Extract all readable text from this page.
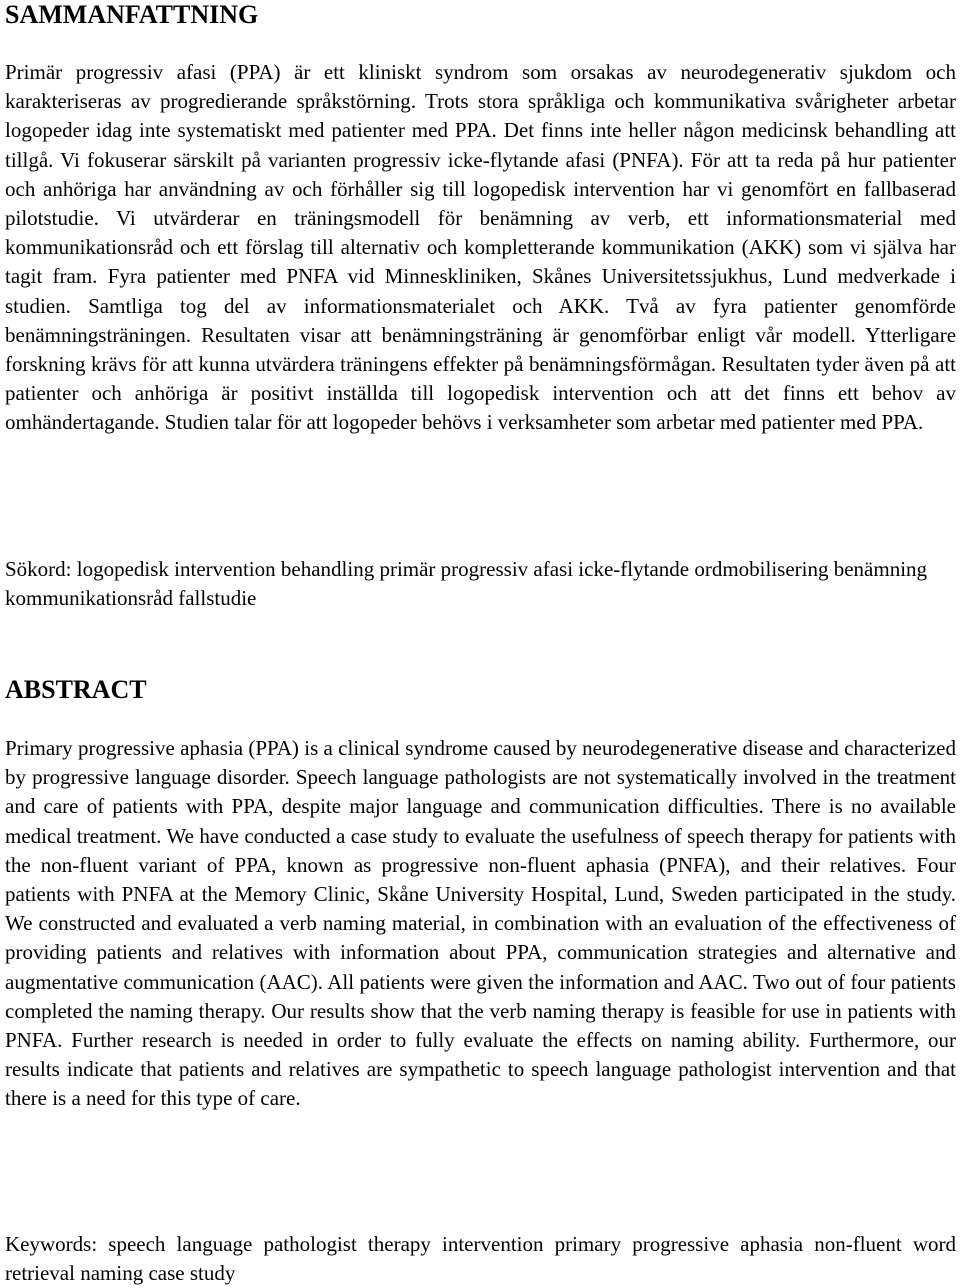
SAMMANFATTNING

Primär progressiv afasi (PPA) är ett kliniskt syndrom som orsakas av neurodegenerativ sjukdom och karakteriseras av progredierande språkstörning. Trots stora språkliga och kommunikativa svårigheter arbetar logopeder idag inte systematiskt med patienter med PPA. Det finns inte heller någon medicinsk behandling att tillgå. Vi fokuserar särskilt på varianten progressiv icke-flytande afasi (PNFA). För att ta reda på hur patienter och anhöriga har användning av och förhåller sig till logopedisk intervention har vi genomfört en fallbaserad pilotstudie. Vi utvärderar en träningsmodell för benämning av verb, ett informationsmaterial med kommunikationsråd och ett förslag till alternativ och kompletterande kommunikation (AKK) som vi själva har tagit fram. Fyra patienter med PNFA vid Minneskliniken, Skånes Universitetssjukhus, Lund medverkade i studien. Samtliga tog del av informationsmaterialet och AKK. Två av fyra patienter genomförde benämningsträningen. Resultaten visar att benämningsträning är genomförbar enligt vår modell. Ytterligare forskning krävs för att kunna utvärdera träningens effekter på benämningsförmågan. Resultaten tyder även på att patienter och anhöriga är positivt inställda till logopedisk intervention och att det finns ett behov av omhändertagande. Studien talar för att logopeder behövs i verksamheter som arbetar med patienter med PPA.

Sökord: logopedisk intervention behandling primär progressiv afasi icke-flytande ordmobilisering benämning kommunikationsråd fallstudie

ABSTRACT

Primary progressive aphasia (PPA) is a clinical syndrome caused by neurodegenerative disease and characterized by progressive language disorder. Speech language pathologists are not systematically involved in the treatment and care of patients with PPA, despite major language and communication difficulties. There is no available medical treatment. We have conducted a case study to evaluate the usefulness of speech therapy for patients with the non-fluent variant of PPA, known as progressive non-fluent aphasia (PNFA), and their relatives. Four patients with PNFA at the Memory Clinic, Skåne University Hospital, Lund, Sweden participated in the study. We constructed and evaluated a verb naming material, in combination with an evaluation of the effectiveness of providing patients and relatives with information about PPA, communication strategies and alternative and augmentative communication (AAC). All patients were given the information and AAC. Two out of four patients completed the naming therapy. Our results show that the verb naming therapy is feasible for use in patients with PNFA. Further research is needed in order to fully evaluate the effects on naming ability. Furthermore, our results indicate that patients and relatives are sympathetic to speech language pathologist intervention and that there is a need for this type of care.

Keywords: speech language pathologist therapy intervention primary progressive aphasia non-fluent word retrieval naming case study
